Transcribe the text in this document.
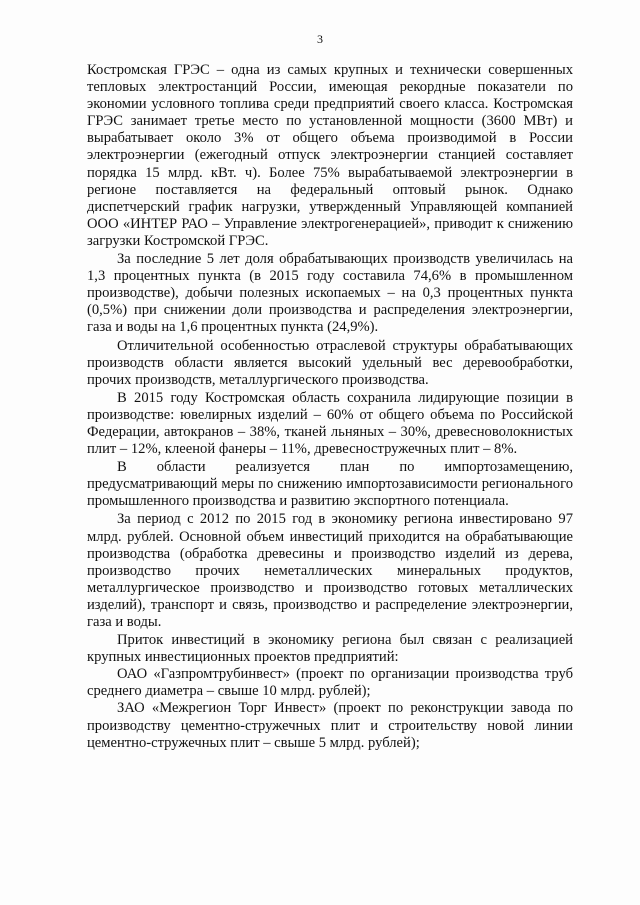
3

Костромская ГРЭС – одна из самых крупных и технически совершенных тепловых электростанций России, имеющая рекордные показатели по экономии условного топлива среди предприятий своего класса. Костромская ГРЭС занимает третье место по установленной мощности (3600 МВт) и вырабатывает около 3% от общего объема производимой в России электроэнергии (ежегодный отпуск электроэнергии станцией составляет порядка 15 млрд. кВт. ч). Более 75% вырабатываемой электроэнергии в регионе поставляется на федеральный оптовый рынок. Однако диспетчерский график нагрузки, утвержденный Управляющей компанией ООО «ИНТЕР РАО – Управление электрогенерацией», приводит к снижению загрузки Костромской ГРЭС.

За последние 5 лет доля обрабатывающих производств увеличилась на 1,3 процентных пункта (в 2015 году составила 74,6% в промышленном производстве), добычи полезных ископаемых – на 0,3 процентных пункта (0,5%) при снижении доли производства и распределения электроэнергии, газа и воды на 1,6 процентных пункта (24,9%).

Отличительной особенностью отраслевой структуры обрабатывающих производств области является высокий удельный вес деревообработки, прочих производств, металлургического производства.

В 2015 году Костромская область сохранила лидирующие позиции в производстве: ювелирных изделий – 60% от общего объема по Российской Федерации, автокранов – 38%, тканей льняных – 30%, древесноволокнистых плит – 12%, клееной фанеры – 11%, древесностружечных плит – 8%.

В области реализуется план по импортозамещению, предусматривающий меры по снижению импортозависимости регионального промышленного производства и развитию экспортного потенциала.

За период с 2012 по 2015 год в экономику региона инвестировано 97 млрд. рублей. Основной объем инвестиций приходится на обрабатывающие производства (обработка древесины и производство изделий из дерева, производство прочих неметаллических минеральных продуктов, металлургическое производство и производство готовых металлических изделий), транспорт и связь, производство и распределение электроэнергии, газа и воды.

Приток инвестиций в экономику региона был связан с реализацией крупных инвестиционных проектов предприятий:

ОАО «Газпромтрубинвест» (проект по организации производства труб среднего диаметра – свыше 10 млрд. рублей);

ЗАО «Межрегион Торг Инвест» (проект по реконструкции завода по производству цементно-стружечных плит и строительству новой линии цементно-стружечных плит – свыше 5 млрд. рублей);
